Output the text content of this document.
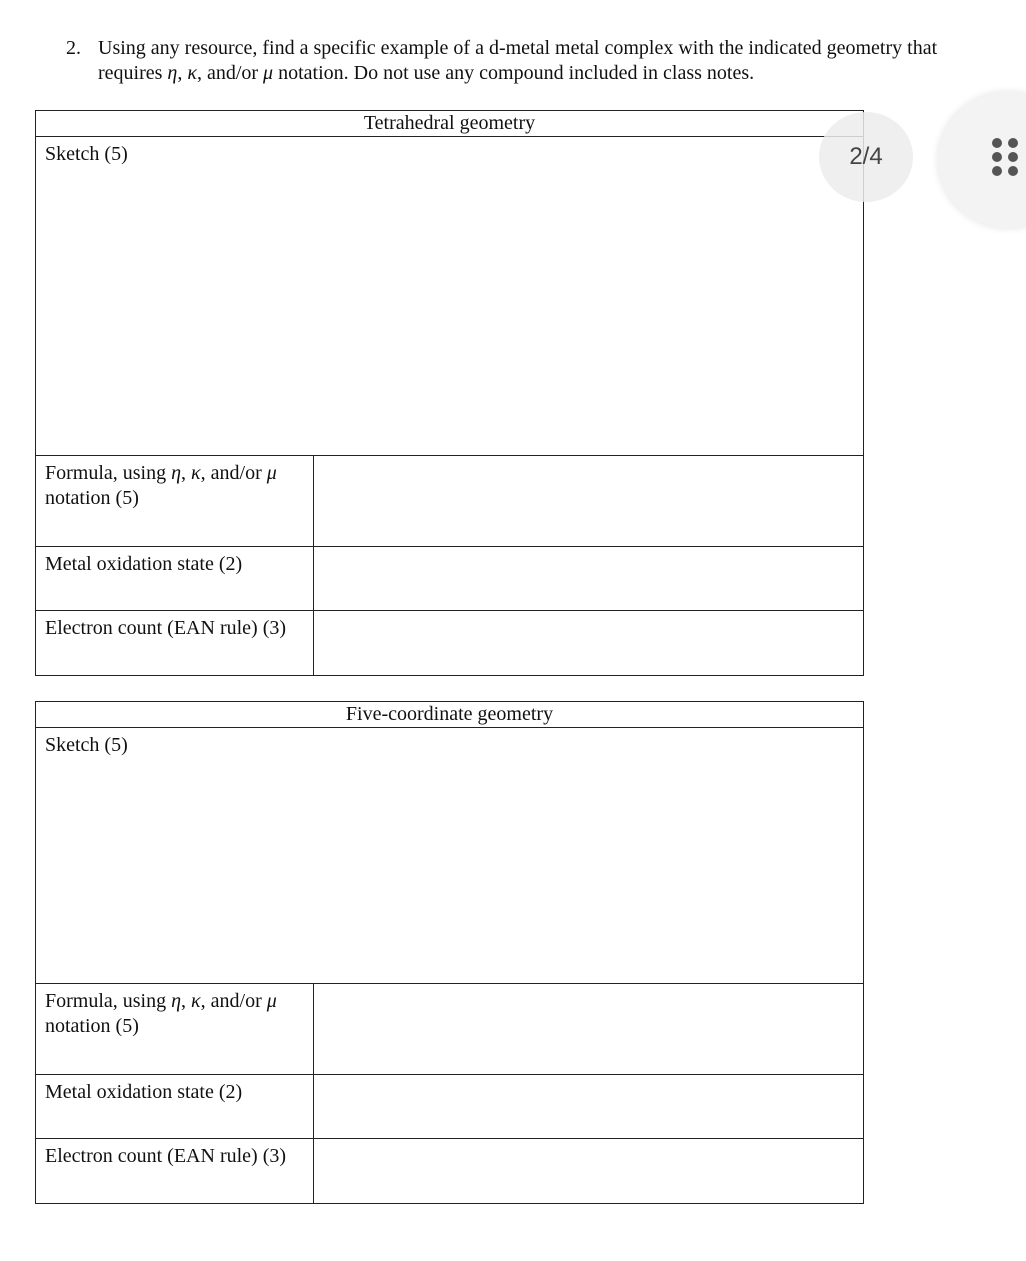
2. Using any resource, find a specific example of a d-metal metal complex with the indicated geometry that
requires η, κ, and/or μ notation. Do not use any compound included in class notes.
Tetrahedral geometry	
Sketch (5)	
Formula, using η, κ, and/or μ
notation (5)	
Metal oxidation state (2)	
Electron count (EAN rule) (3)	
Five-coordinate geometry	
Sketch (5)	
Formula, using η, κ, and/or μ
notation (5)	
Metal oxidation state (2)	
Electron count (EAN rule) (3)	
2/4
